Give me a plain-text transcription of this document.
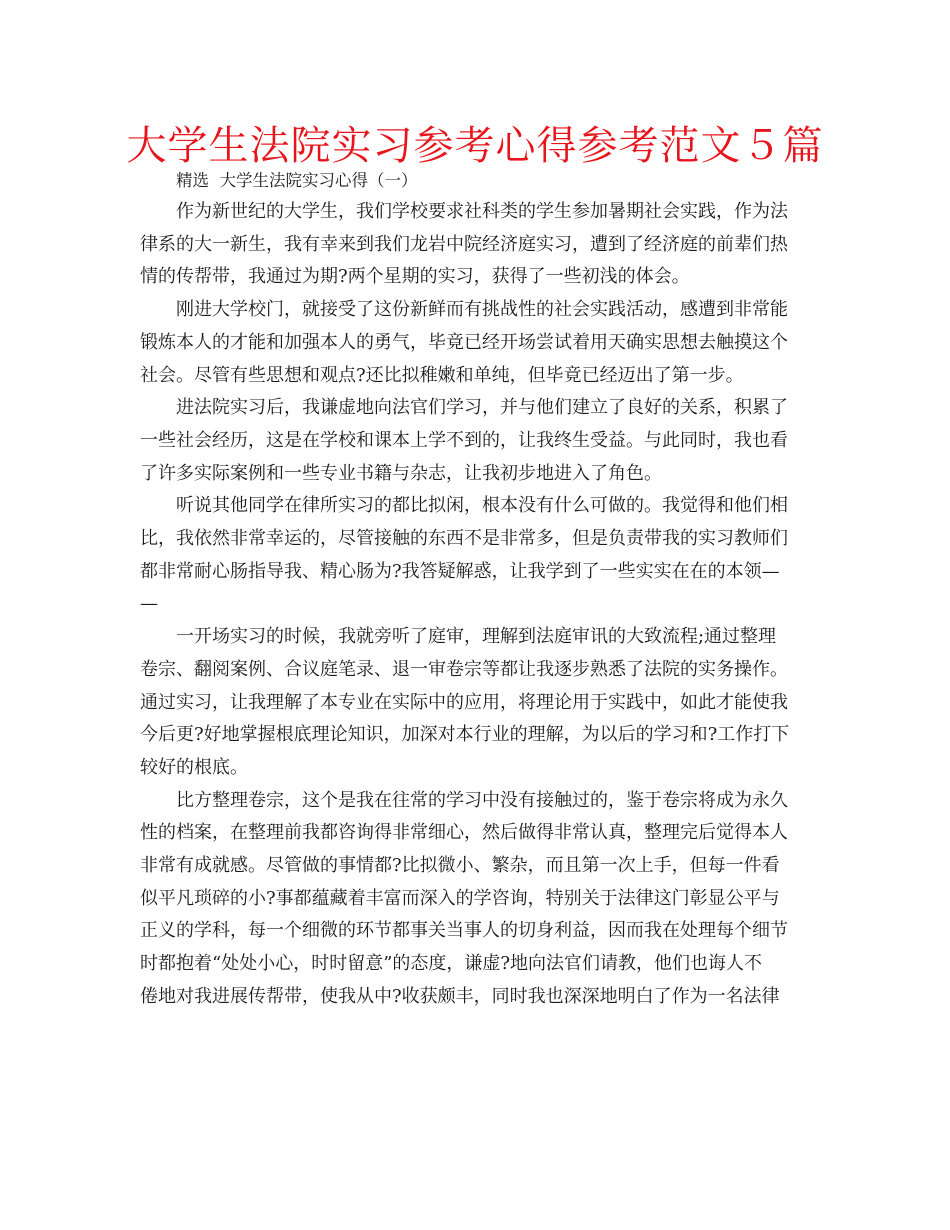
大学生法院实习参考心得参考范文５篇
精选  大学生法院实习心得（一）
作为新世纪的大学生，我们学校要求社科类的学生参加暑期社会实践，作为法
律系的大一新生，我有幸来到我们龙岩中院经济庭实习，遭到了经济庭的前辈们热
情的传帮带，我通过为期?两个星期的实习，获得了一些初浅的体会。
刚进大学校门，就接受了这份新鲜而有挑战性的社会实践活动，感遭到非常能
锻炼本人的才能和加强本人的勇气，毕竟已经开场尝试着用天确实思想去触摸这个
社会。尽管有些思想和观点?还比拟稚嫩和单纯，但毕竟已经迈出了第一步。
进法院实习后，我谦虚地向法官们学习，并与他们建立了良好的关系，积累了
一些社会经历，这是在学校和课本上学不到的，让我终生受益。与此同时，我也看
了许多实际案例和一些专业书籍与杂志，让我初步地进入了角色。
听说其他同学在律所实习的都比拟闲，根本没有什么可做的。我觉得和他们相
比，我依然非常幸运的，尽管接触的东西不是非常多，但是负责带我的实习教师们
都非常耐心肠指导我、精心肠为?我答疑解惑，让我学到了一些实实在在的本领—
—
一开场实习的时候，我就旁听了庭审，理解到法庭审讯的大致流程;通过整理
卷宗、翻阅案例、合议庭笔录、退一审卷宗等都让我逐步熟悉了法院的实务操作。
通过实习，让我理解了本专业在实际中的应用，将理论用于实践中，如此才能使我
今后更?好地掌握根底理论知识，加深对本行业的理解，为以后的学习和?工作打下
较好的根底。
比方整理卷宗，这个是我在往常的学习中没有接触过的，鉴于卷宗将成为永久
性的档案，在整理前我都咨询得非常细心，然后做得非常认真，整理完后觉得本人
非常有成就感。尽管做的事情都?比拟微小、繁杂，而且第一次上手，但每一件看
似平凡琐碎的小?事都蕴藏着丰富而深入的学咨询，特别关于法律这门彰显公平与
正义的学科，每一个细微的环节都事关当事人的切身利益，因而我在处理每个细节
时都抱着“处处小心，时时留意”的态度，谦虚?地向法官们请教，他们也诲人不
倦地对我进展传帮带，使我从中?收获颇丰，同时我也深深地明白了作为一名法律
